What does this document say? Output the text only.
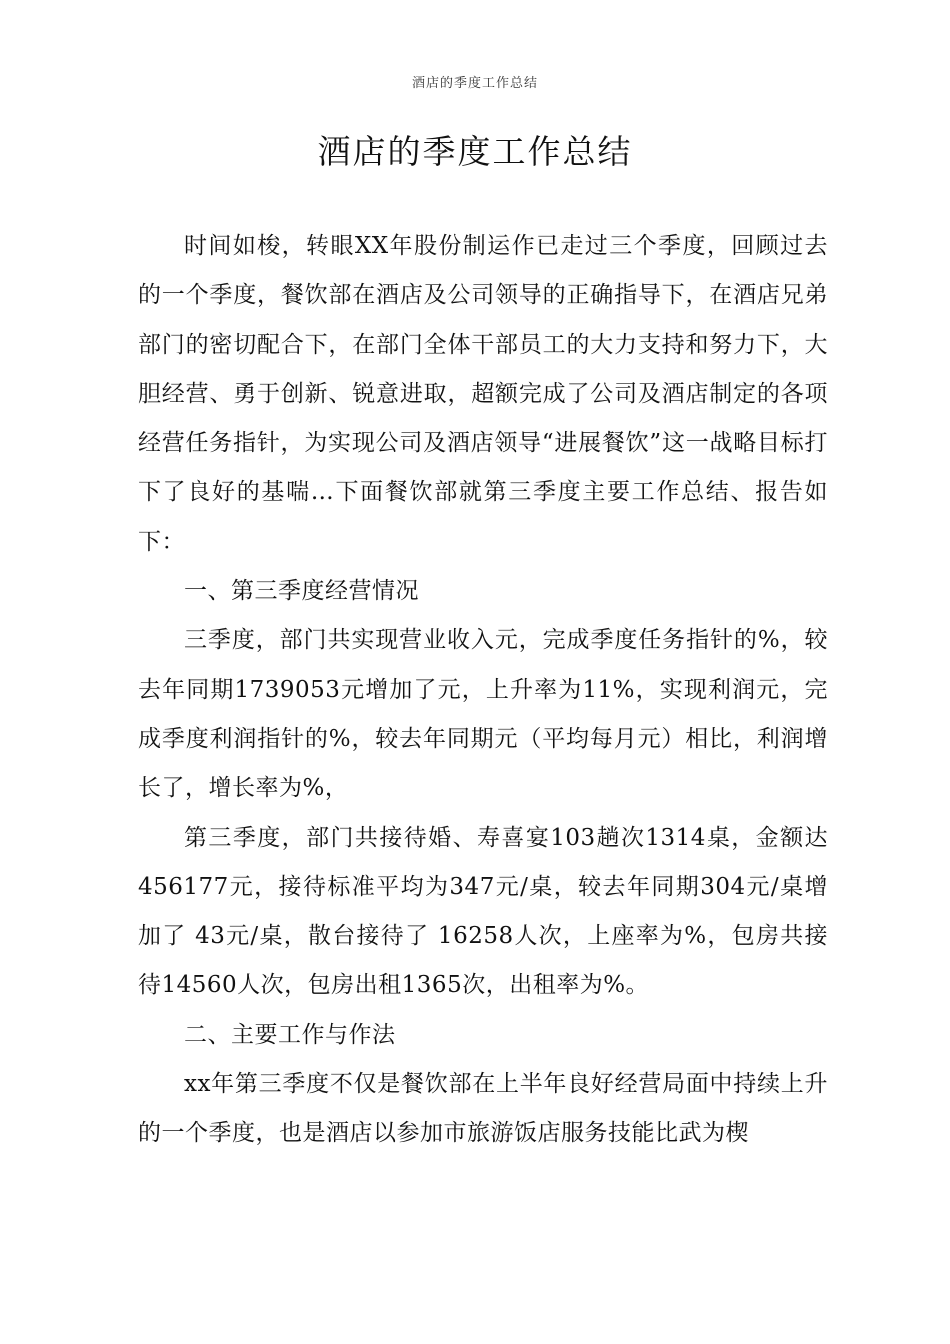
酒店的季度工作总结
酒店的季度工作总结

时间如梭，转眼XX年股份制运作已走过三个季度，回顾过去的一个季度，餐饮部在酒店及公司领导的正确指导下，在酒店兄弟部门的密切配合下，在部门全体干部员工的大力支持和努力下，大胆经营、勇于创新、锐意进取，超额完成了公司及酒店制定的各项经营任务指针，为实现公司及酒店领导“进展餐饮”这一战略目标打下了良好的基喘…下面餐饮部就第三季度主要工作总结、报告如下：

一、第三季度经营情况

三季度，部门共实现营业收入元，完成季度任务指针的%，较去年同期1739053元增加了元，上升率为11%，实现利润元，完成季度利润指针的%，较去年同期元（平均每月元）相比，利润增长了，增长率为%，

第三季度，部门共接待婚、寿喜宴103趟次1314桌，金额达456177元，接待标准平均为347元/桌，较去年同期304元/桌增加了 43元/桌，散台接待了 16258人次，上座率为%，包房共接待14560人次，包房出租1365次，出租率为%。

二、主要工作与作法

xx年第三季度不仅是餐饮部在上半年良好经营局面中持续上升的一个季度，也是酒店以参加市旅游饭店服务技能比武为楔
